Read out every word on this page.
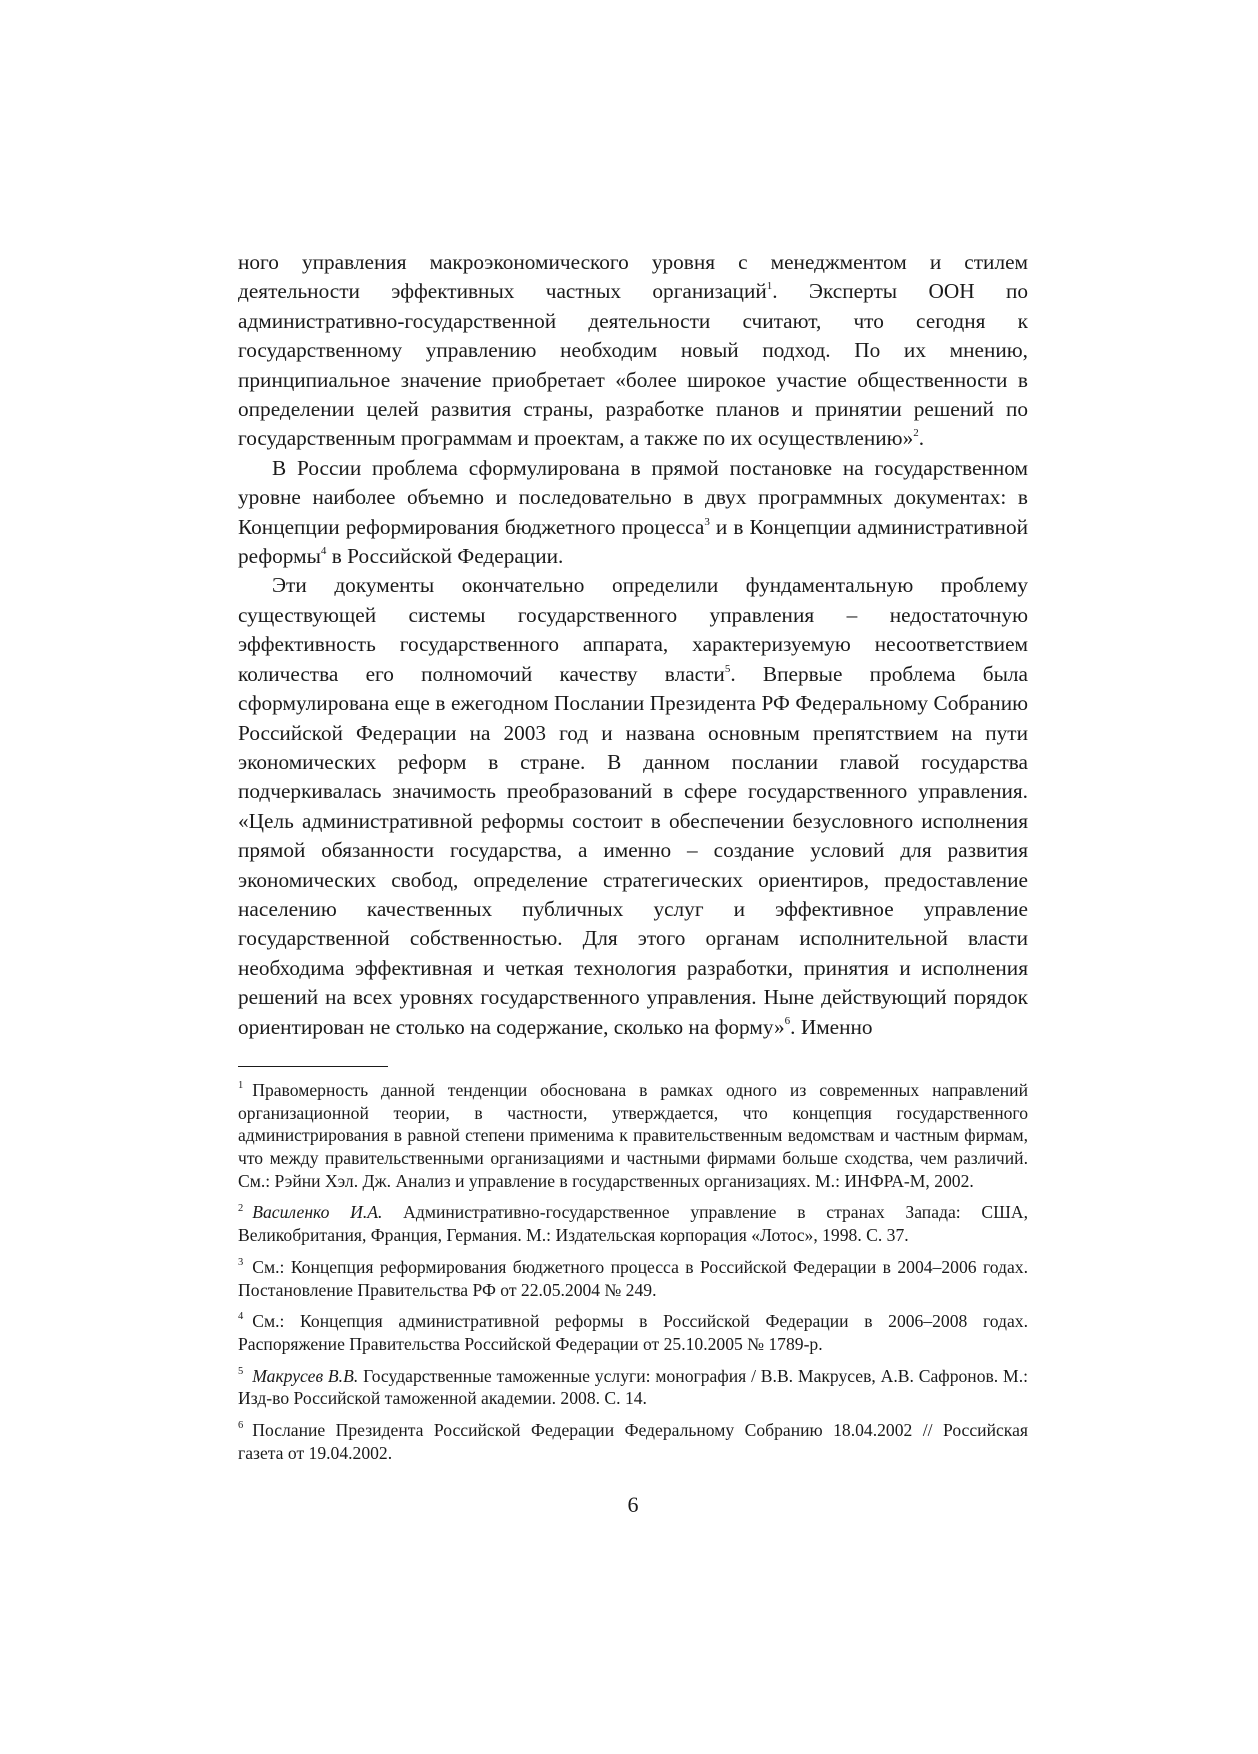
ного управления макроэкономического уровня с менеджментом и стилем деятельности эффективных частных организаций$^1$. Эксперты ООН по административно-государственной деятельности считают, что сегодня к государственному управлению необходим новый подход. По их мнению, принципиальное значение приобретает «более широкое участие общественности в определении целей развития страны, разработке планов и принятии решений по государственным программам и проектам, а также по их осуществлению»$^2$.

В России проблема сформулирована в прямой постановке на государственном уровне наиболее объемно и последовательно в двух программных документах: в Концепции реформирования бюджетного процесса$^3$ и в Концепции административной реформы$^4$ в Российской Федерации.

Эти документы окончательно определили фундаментальную проблему существующей системы государственного управления – недостаточную эффективность государственного аппарата, характеризуемую несоответствием количества его полномочий качеству власти$^5$. Впервые проблема была сформулирована еще в ежегодном Послании Президента РФ Федеральному Собранию Российской Федерации на 2003 год и названа основным препятствием на пути экономических реформ в стране. В данном послании главой государства подчеркивалась значимость преобразований в сфере государственного управления. «Цель административной реформы состоит в обеспечении безусловного исполнения прямой обязанности государства, а именно – создание условий для развития экономических свобод, определение стратегических ориентиров, предоставление населению качественных публичных услуг и эффективное управление государственной собственностью. Для этого органам исполнительной власти необходима эффективная и четкая технология разработки, принятия и исполнения решений на всех уровнях государственного управления. Ныне действующий порядок ориентирован не столько на содержание, сколько на форму»$^6$. Именно

$^1$ Правомерность данной тенденции обоснована в рамках одного из современных направлений организационной теории, в частности, утверждается, что концепция государственного администрирования в равной степени применима к правительственным ведомствам и частным фирмам, что между правительственными организациями и частными фирмами больше сходства, чем различий. См.: Рэйни Хэл. Дж. Анализ и управление в государственных организациях. М.: ИНФРА-М, 2002.

$^2$ Василенко И.А. Административно-государственное управление в странах Запада: США, Великобритания, Франция, Германия. М.: Издательская корпорация «Лотос», 1998. С. 37.

$^3$ См.: Концепция реформирования бюджетного процесса в Российской Федерации в 2004–2006 годах. Постановление Правительства РФ от 22.05.2004 № 249.

$^4$ См.: Концепция административной реформы в Российской Федерации в 2006–2008 годах. Распоряжение Правительства Российской Федерации от 25.10.2005 № 1789-р.

$^5$ Макрусев В.В. Государственные таможенные услуги: монография / В.В. Макрусев, А.В. Сафронов. М.: Изд-во Российской таможенной академии. 2008. С. 14.

$^6$ Послание Президента Российской Федерации Федеральному Собранию 18.04.2002 // Российская газета от 19.04.2002.

6
